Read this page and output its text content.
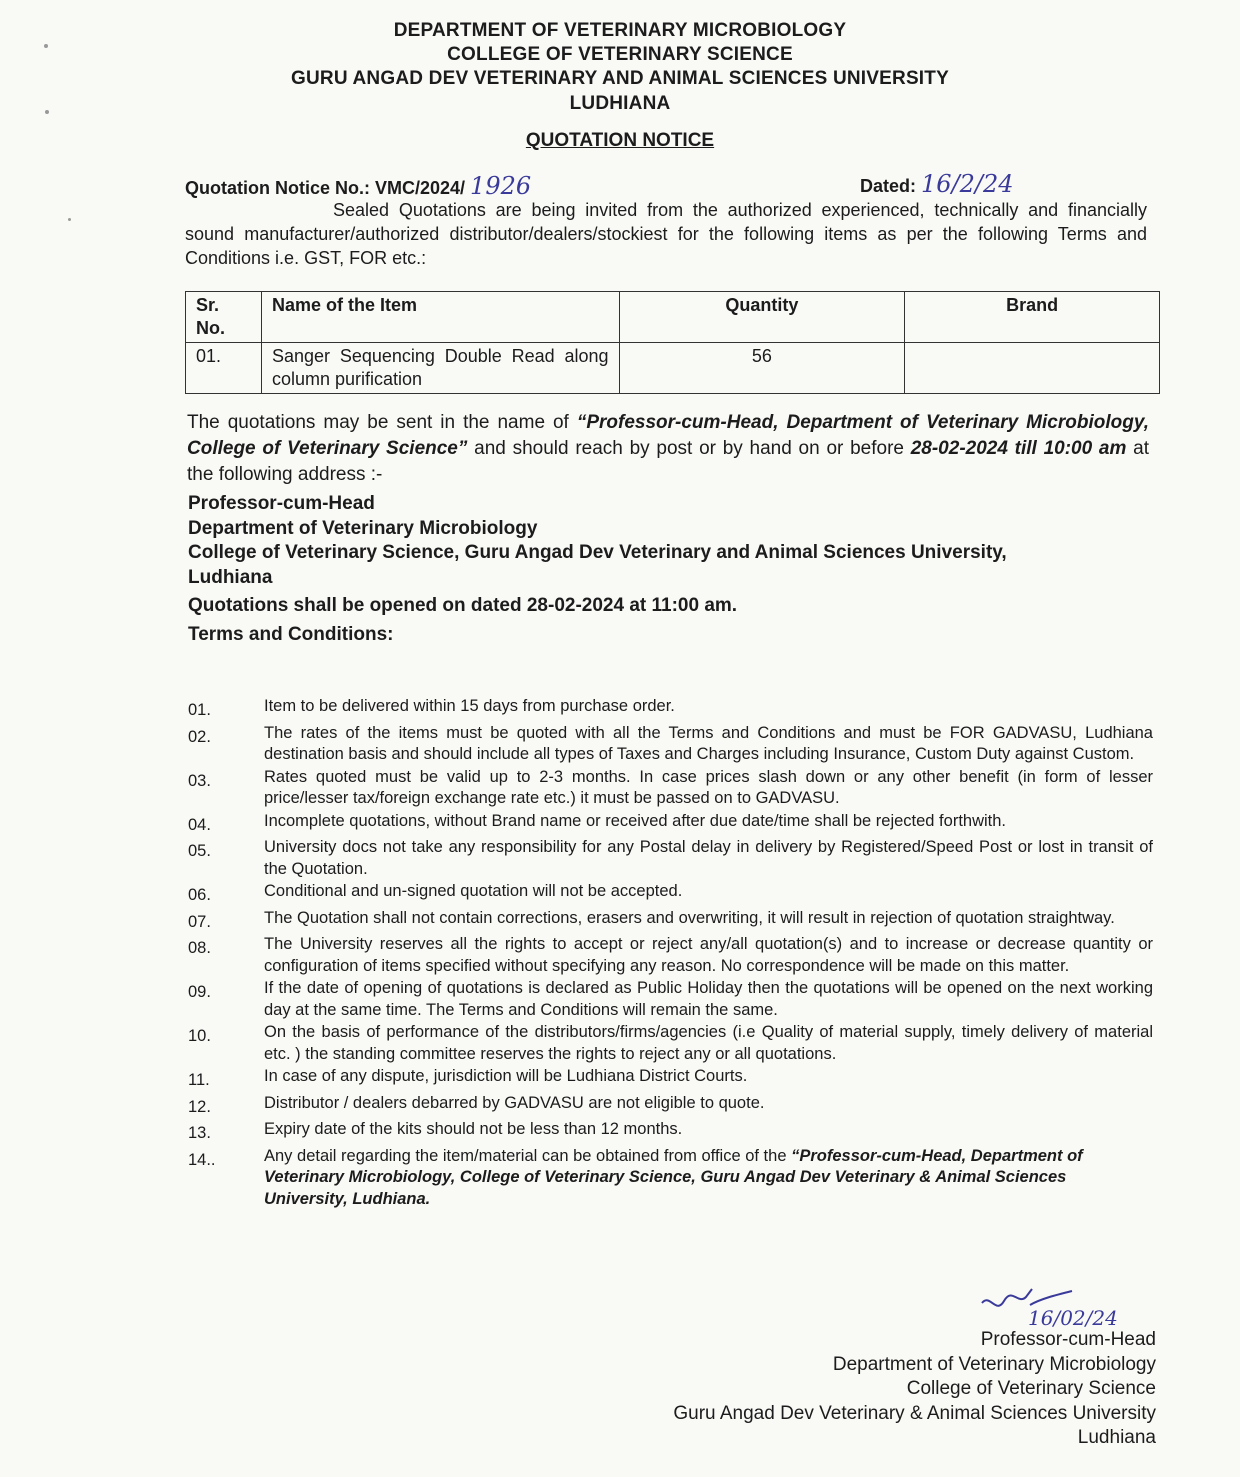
DEPARTMENT OF VETERINARY MICROBIOLOGY
COLLEGE OF VETERINARY SCIENCE
GURU ANGAD DEV VETERINARY AND ANIMAL SCIENCES UNIVERSITY
LUDHIANA
QUOTATION NOTICE
Quotation Notice No.: VMC/2024/ 1926	Dated: 16/2/24
Sealed Quotations are being invited from the authorized experienced, technically and financially sound manufacturer/authorized distributor/dealers/stockiest for the following items as per the following Terms and Conditions i.e. GST, FOR etc.:
Sr. No.	Name of the Item	Quantity	Brand
01.	Sanger Sequencing Double Read along column purification	56	
The quotations may be sent in the name of “Professor-cum-Head, Department of Veterinary Microbiology, College of Veterinary Science” and should reach by post or by hand on or before 28-02-2024 till 10:00 am at the following address :-
Professor-cum-Head
Department of Veterinary Microbiology
College of Veterinary Science, Guru Angad Dev Veterinary and Animal Sciences University,
Ludhiana
Quotations shall be opened on dated 28-02-2024 at 11:00 am.
Terms and Conditions:
01.	Item to be delivered within 15 days from purchase order.
02.	The rates of the items must be quoted with all the Terms and Conditions and must be FOR GADVASU, Ludhiana destination basis and should include all types of Taxes and Charges including Insurance, Custom Duty against Custom.
03.	Rates quoted must be valid up to 2-3 months. In case prices slash down or any other benefit (in form of lesser price/lesser tax/foreign exchange rate etc.) it must be passed on to GADVASU.
04.	Incomplete quotations, without Brand name or received after due date/time shall be rejected forthwith.
05.	University docs not take any responsibility for any Postal delay in delivery by Registered/Speed Post or lost in transit of the Quotation.
06.	Conditional and un-signed quotation will not be accepted.
07.	The Quotation shall not contain corrections, erasers and overwriting, it will result in rejection of quotation straightway.
08.	The University reserves all the rights to accept or reject any/all quotation(s) and to increase or decrease quantity or configuration of items specified without specifying any reason. No correspondence will be made on this matter.
09.	If the date of opening of quotations is declared as Public Holiday then the quotations will be opened on the next working day at the same time. The Terms and Conditions will remain the same.
10.	On the basis of performance of the distributors/firms/agencies (i.e Quality of material supply, timely delivery of material etc. ) the standing committee reserves the rights to reject any or all quotations.
11.	In case of any dispute, jurisdiction will be Ludhiana District Courts.
12.	Distributor / dealers debarred by GADVASU are not eligible to quote.
13.	Expiry date of the kits should not be less than 12 months.
14..	Any detail regarding the item/material can be obtained from office of the “Professor-cum-Head, Department of Veterinary Microbiology, College of Veterinary Science, Guru Angad Dev Veterinary & Animal Sciences University, Ludhiana.
16/02/24
Professor-cum-Head
Department of Veterinary Microbiology
College of Veterinary Science
Guru Angad Dev Veterinary & Animal Sciences University
Ludhiana
